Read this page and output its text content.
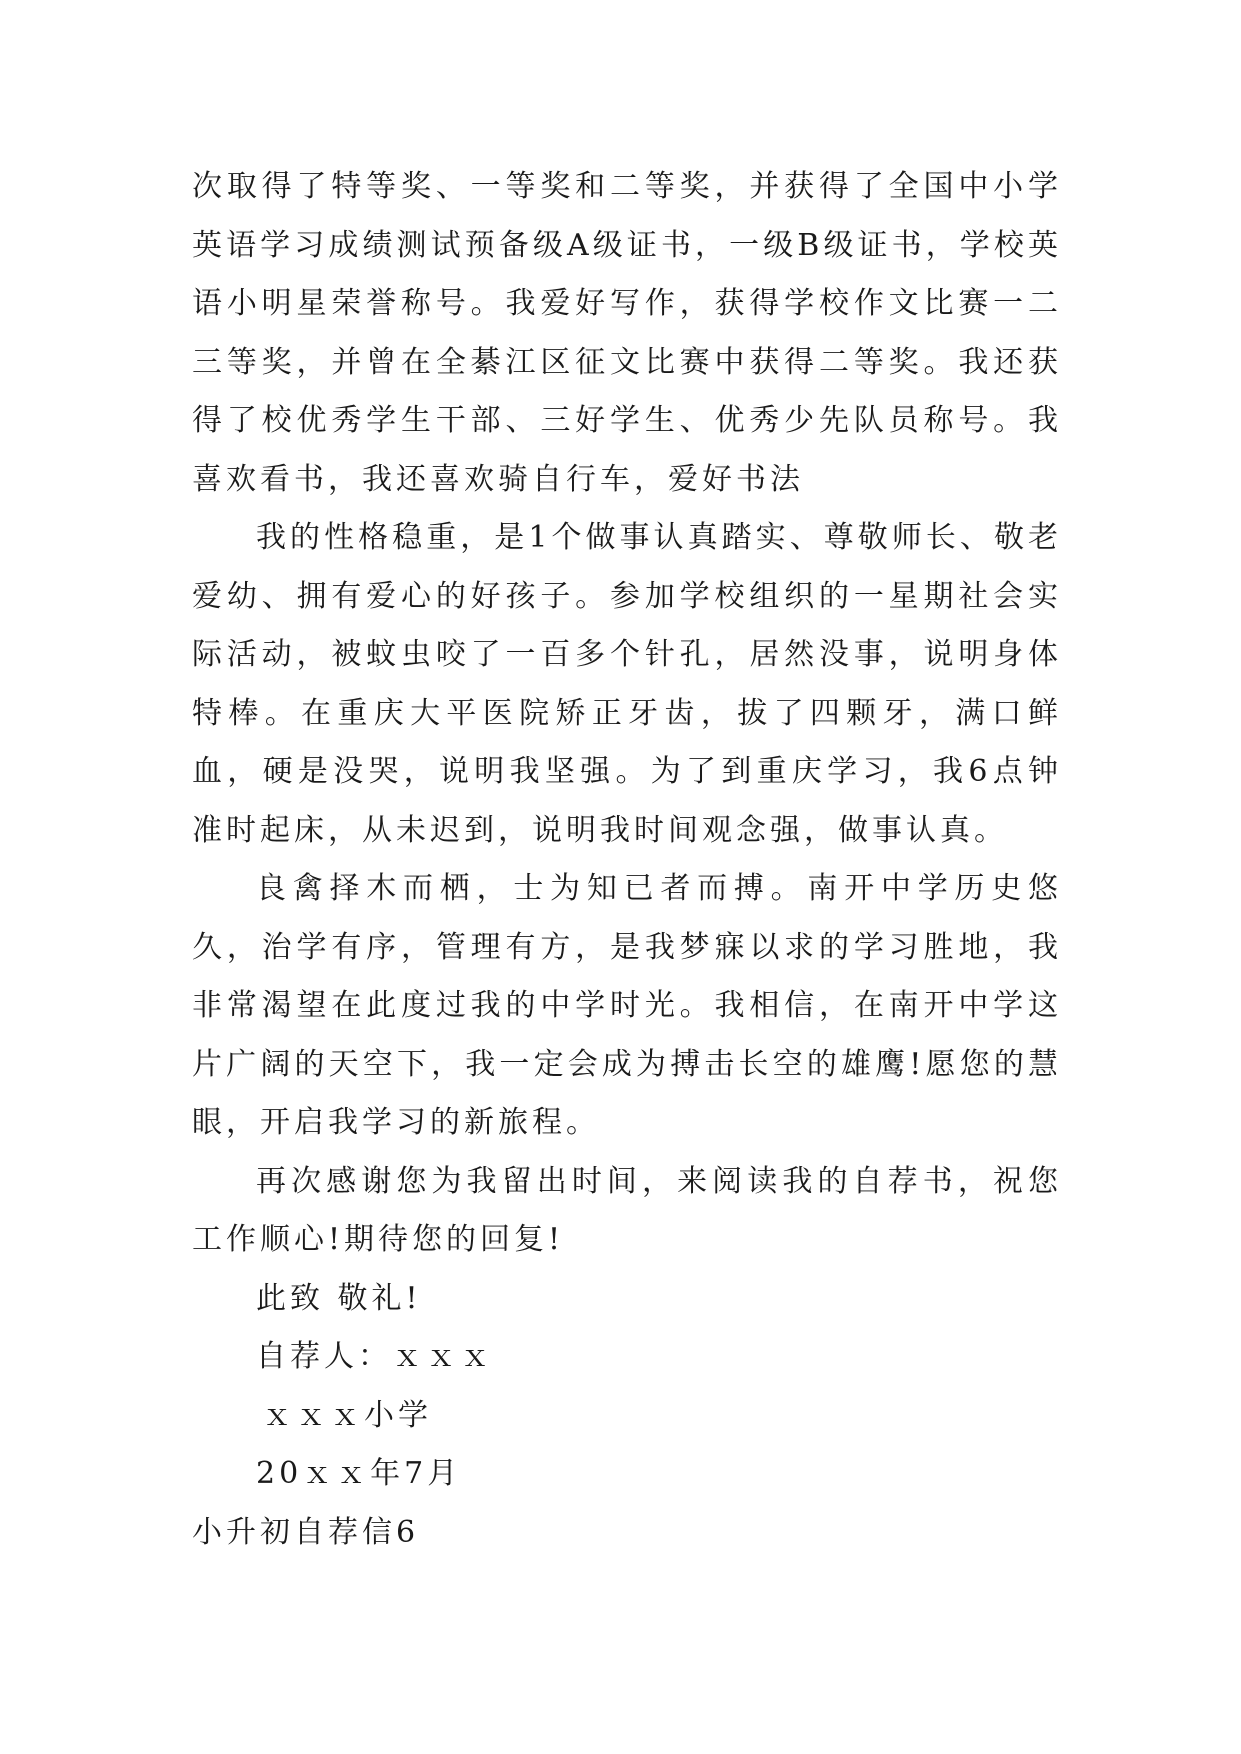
次取得了特等奖、一等奖和二等奖，并获得了全国中小学英语学习成绩测试预备级A级证书，一级B级证书，学校英语小明星荣誉称号。我爱好写作，获得学校作文比赛一二三等奖，并曾在全綦江区征文比赛中获得二等奖。我还获得了校优秀学生干部、三好学生、优秀少先队员称号。我喜欢看书，我还喜欢骑自行车，爱好书法

我的性格稳重，是1个做事认真踏实、尊敬师长、敬老爱幼、拥有爱心的好孩子。参加学校组织的一星期社会实际活动，被蚊虫咬了一百多个针孔，居然没事，说明身体特棒。在重庆大平医院矫正牙齿，拔了四颗牙，满口鲜血，硬是没哭，说明我坚强。为了到重庆学习，我6点钟准时起床，从未迟到，说明我时间观念强，做事认真。

良禽择木而栖，士为知已者而搏。南开中学历史悠久，治学有序，管理有方，是我梦寐以求的学习胜地，我非常渴望在此度过我的中学时光。我相信，在南开中学这片广阔的天空下，我一定会成为搏击长空的雄鹰!愿您的慧眼，开启我学习的新旅程。

再次感谢您为我留出时间，来阅读我的自荐书，祝您工作顺心!期待您的回复!

此致 敬礼!

自荐人：ｘｘｘ

ｘｘｘ小学

20ｘｘ年7月

小升初自荐信6
